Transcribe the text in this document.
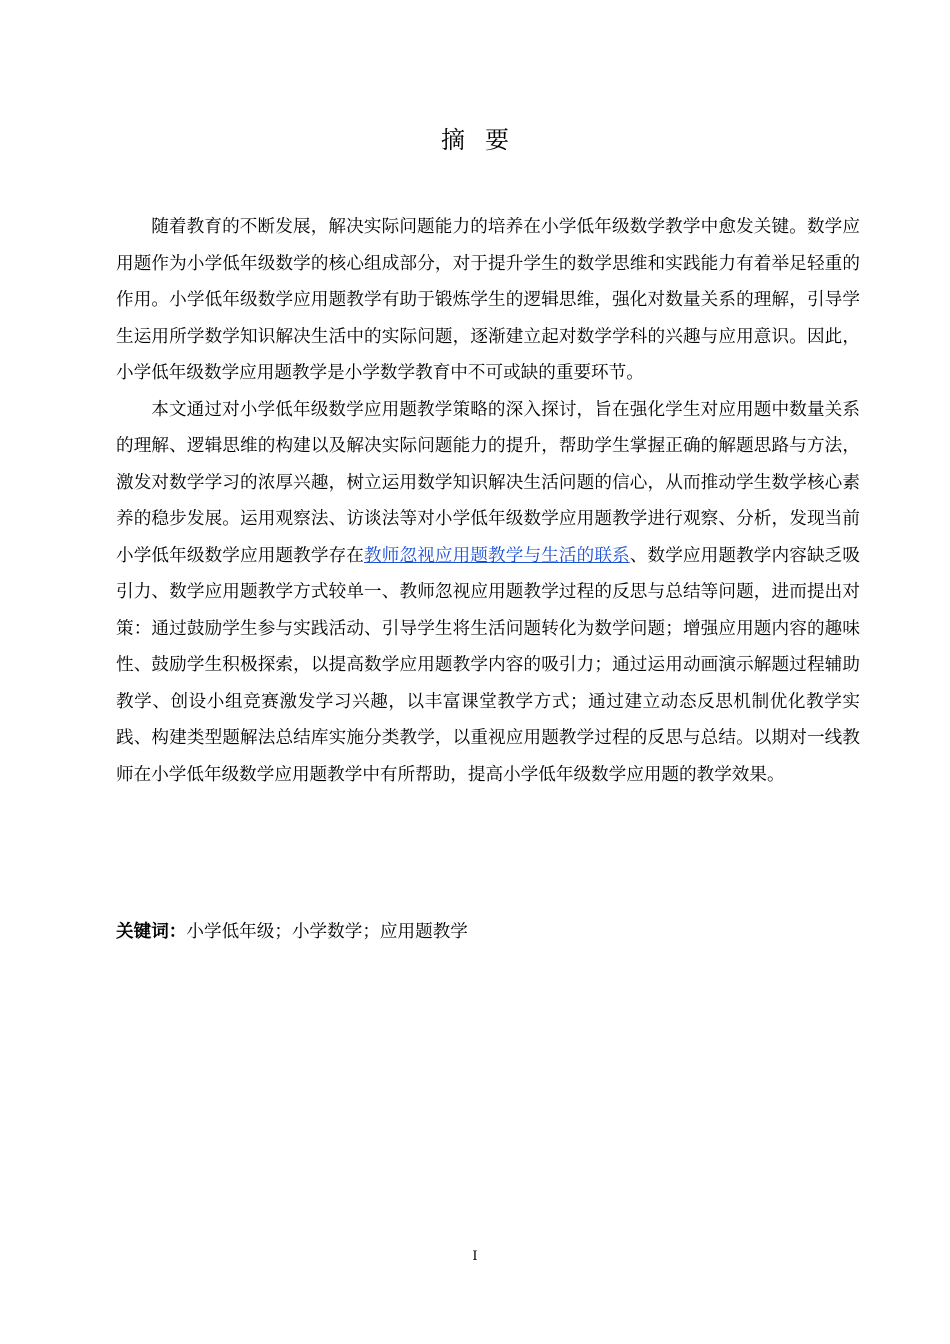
摘要

随着教育的不断发展，解决实际问题能力的培养在小学低年级数学教学中愈发关键。数学应用题作为小学低年级数学的核心组成部分，对于提升学生的数学思维和实践能力有着举足轻重的作用。小学低年级数学应用题教学有助于锻炼学生的逻辑思维，强化对数量关系的理解，引导学生运用所学数学知识解决生活中的实际问题，逐渐建立起对数学学科的兴趣与应用意识。因此，小学低年级数学应用题教学是小学数学教育中不可或缺的重要环节。

本文通过对小学低年级数学应用题教学策略的深入探讨，旨在强化学生对应用题中数量关系的理解、逻辑思维的构建以及解决实际问题能力的提升，帮助学生掌握正确的解题思路与方法，激发对数学学习的浓厚兴趣，树立运用数学知识解决生活问题的信心，从而推动学生数学核心素养的稳步发展。运用观察法、访谈法等对小学低年级数学应用题教学进行观察、分析，发现当前小学低年级数学应用题教学存在教师忽视应用题教学与生活的联系、数学应用题教学内容缺乏吸引力、数学应用题教学方式较单一、教师忽视应用题教学过程的反思与总结等问题，进而提出对策：通过鼓励学生参与实践活动、引导学生将生活问题转化为数学问题；增强应用题内容的趣味性、鼓励学生积极探索，以提高数学应用题教学内容的吸引力；通过运用动画演示解题过程辅助教学、创设小组竞赛激发学习兴趣，以丰富课堂教学方式；通过建立动态反思机制优化教学实践、构建类型题解法总结库实施分类教学，以重视应用题教学过程的反思与总结。以期对一线教师在小学低年级数学应用题教学中有所帮助，提高小学低年级数学应用题的教学效果。

关键词：小学低年级；小学数学；应用题教学
I
